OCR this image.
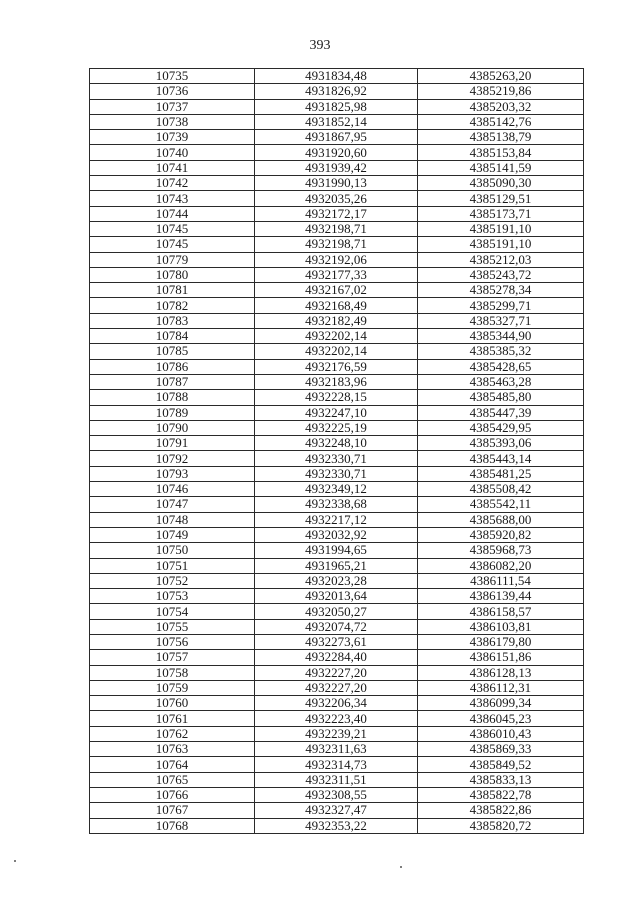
393
10735	4931834,48	4385263,20
10736	4931826,92	4385219,86
10737	4931825,98	4385203,32
10738	4931852,14	4385142,76
10739	4931867,95	4385138,79
10740	4931920,60	4385153,84
10741	4931939,42	4385141,59
10742	4931990,13	4385090,30
10743	4932035,26	4385129,51
10744	4932172,17	4385173,71
10745	4932198,71	4385191,10
10745	4932198,71	4385191,10
10779	4932192,06	4385212,03
10780	4932177,33	4385243,72
10781	4932167,02	4385278,34
10782	4932168,49	4385299,71
10783	4932182,49	4385327,71
10784	4932202,14	4385344,90
10785	4932202,14	4385385,32
10786	4932176,59	4385428,65
10787	4932183,96	4385463,28
10788	4932228,15	4385485,80
10789	4932247,10	4385447,39
10790	4932225,19	4385429,95
10791	4932248,10	4385393,06
10792	4932330,71	4385443,14
10793	4932330,71	4385481,25
10746	4932349,12	4385508,42
10747	4932338,68	4385542,11
10748	4932217,12	4385688,00
10749	4932032,92	4385920,82
10750	4931994,65	4385968,73
10751	4931965,21	4386082,20
10752	4932023,28	4386111,54
10753	4932013,64	4386139,44
10754	4932050,27	4386158,57
10755	4932074,72	4386103,81
10756	4932273,61	4386179,80
10757	4932284,40	4386151,86
10758	4932227,20	4386128,13
10759	4932227,20	4386112,31
10760	4932206,34	4386099,34
10761	4932223,40	4386045,23
10762	4932239,21	4386010,43
10763	4932311,63	4385869,33
10764	4932314,73	4385849,52
10765	4932311,51	4385833,13
10766	4932308,55	4385822,78
10767	4932327,47	4385822,86
10768	4932353,22	4385820,72
